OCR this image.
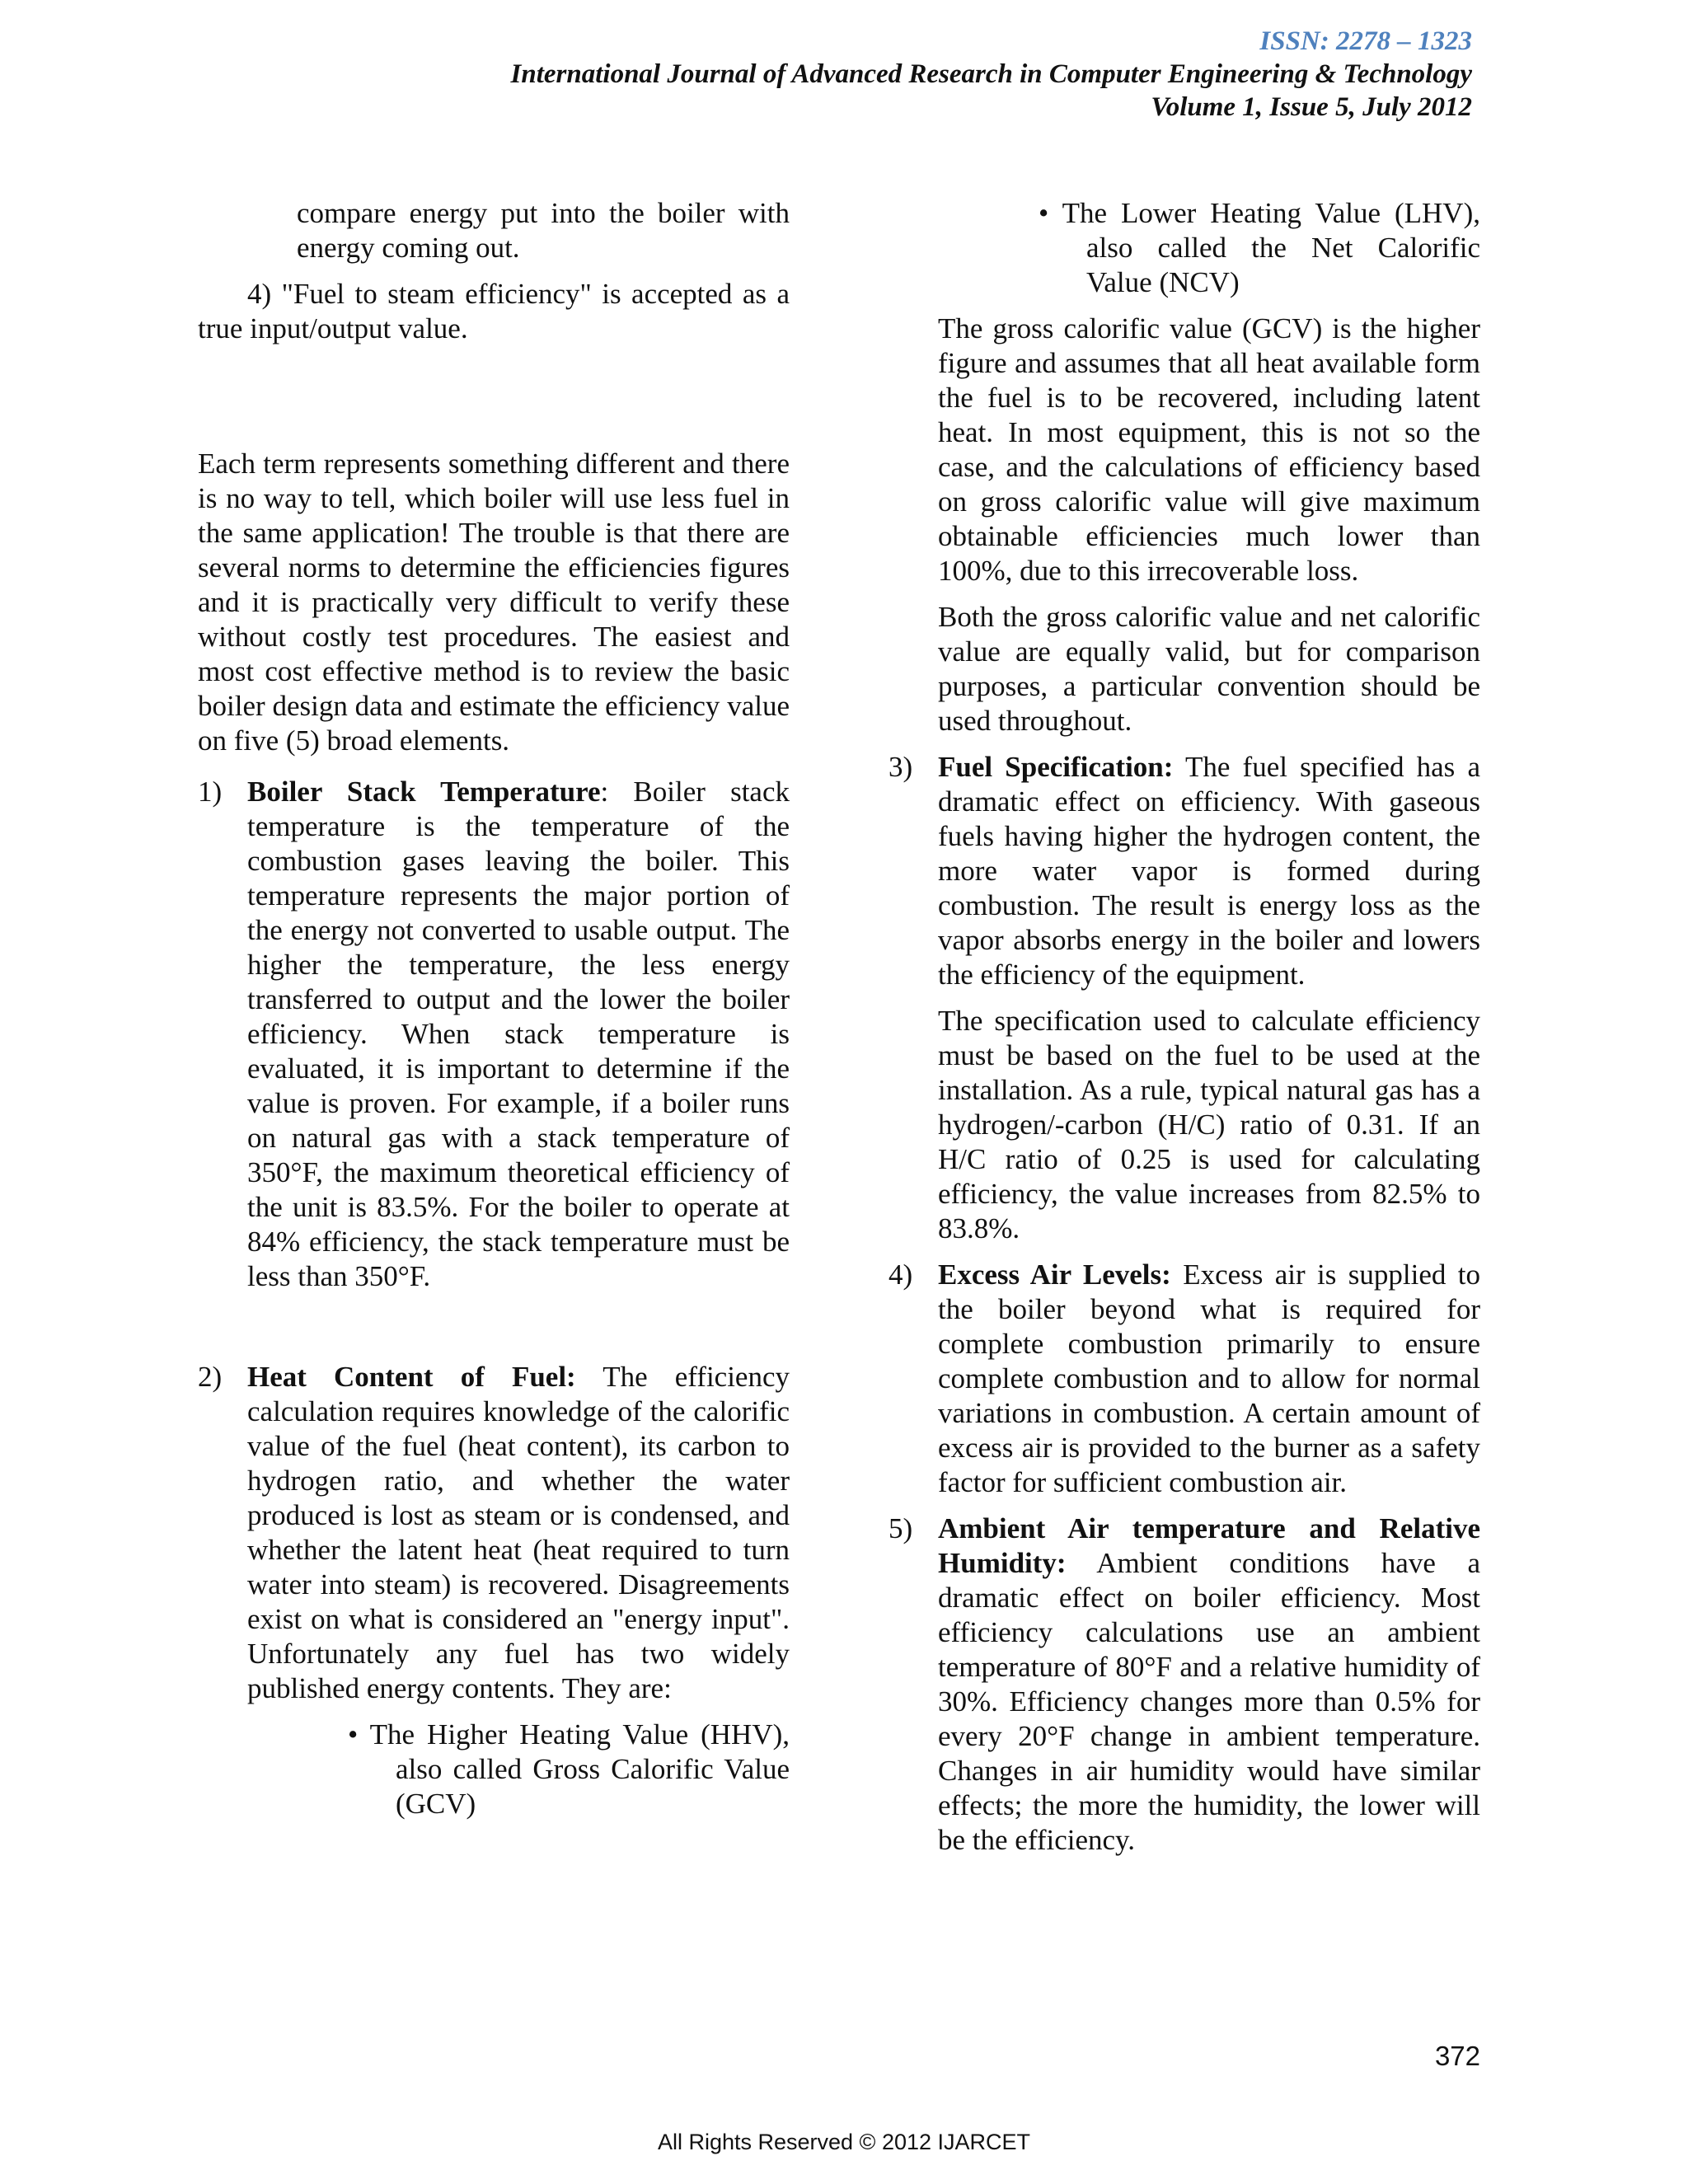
ISSN: 2278 – 1323
International Journal of Advanced Research in Computer Engineering & Technology
Volume 1, Issue 5, July 2012

compare energy put into the boiler with energy coming out.

4) "Fuel to steam efficiency" is accepted as a true input/output value.

Each term represents something different and there is no way to tell, which boiler will use less fuel in the same application! The trouble is that there are several norms to determine the efficiencies figures and it is practically very difficult to verify these without costly test procedures. The easiest and most cost effective method is to review the basic boiler design data and estimate the efficiency value on five (5) broad elements.

1) Boiler Stack Temperature: Boiler stack temperature is the temperature of the combustion gases leaving the boiler. This temperature represents the major portion of the energy not converted to usable output. The higher the temperature, the less energy transferred to output and the lower the boiler efficiency. When stack temperature is evaluated, it is important to determine if the value is proven. For example, if a boiler runs on natural gas with a stack temperature of 350°F, the maximum theoretical efficiency of the unit is 83.5%. For the boiler to operate at 84% efficiency, the stack temperature must be less than 350°F.

2) Heat Content of Fuel: The efficiency calculation requires knowledge of the calorific value of the fuel (heat content), its carbon to hydrogen ratio, and whether the water produced is lost as steam or is condensed, and whether the latent heat (heat required to turn water into steam) is recovered. Disagreements exist on what is considered an "energy input". Unfortunately any fuel has two widely published energy contents. They are:

• The Higher Heating Value (HHV), also called Gross Calorific Value (GCV)

• The Lower Heating Value (LHV), also called the Net Calorific Value (NCV)

The gross calorific value (GCV) is the higher figure and assumes that all heat available form the fuel is to be recovered, including latent heat. In most equipment, this is not so the case, and the calculations of efficiency based on gross calorific value will give maximum obtainable efficiencies much lower than 100%, due to this irrecoverable loss.

Both the gross calorific value and net calorific value are equally valid, but for comparison purposes, a particular convention should be used throughout.

3) Fuel Specification: The fuel specified has a dramatic effect on efficiency. With gaseous fuels having higher the hydrogen content, the more water vapor is formed during combustion. The result is energy loss as the vapor absorbs energy in the boiler and lowers the efficiency of the equipment.

The specification used to calculate efficiency must be based on the fuel to be used at the installation. As a rule, typical natural gas has a hydrogen/-carbon (H/C) ratio of 0.31. If an H/C ratio of 0.25 is used for calculating efficiency, the value increases from 82.5% to 83.8%.

4) Excess Air Levels: Excess air is supplied to the boiler beyond what is required for complete combustion primarily to ensure complete combustion and to allow for normal variations in combustion. A certain amount of excess air is provided to the burner as a safety factor for sufficient combustion air.

5) Ambient Air temperature and Relative Humidity: Ambient conditions have a dramatic effect on boiler efficiency. Most efficiency calculations use an ambient temperature of 80°F and a relative humidity of 30%. Efficiency changes more than 0.5% for every 20°F change in ambient temperature. Changes in air humidity would have similar effects; the more the humidity, the lower will be the efficiency.

372
All Rights Reserved © 2012 IJARCET
